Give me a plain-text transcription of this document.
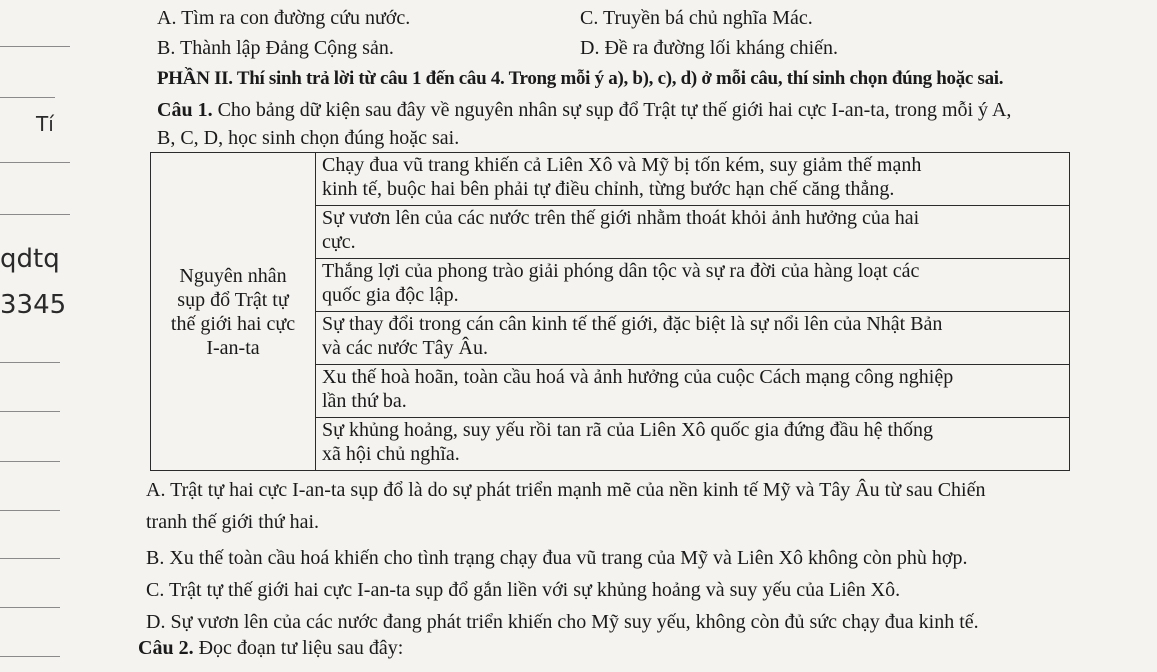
Tí
qdtq
3345
A. Tìm ra con đường cứu nước.	C. Truyền bá chủ nghĩa Mác.
B. Thành lập Đảng Cộng sản.	D. Đề ra đường lối kháng chiến.
PHẦN II. Thí sinh trả lời từ câu 1 đến câu 4. Trong mỗi ý a), b), c), d) ở mỗi câu, thí sinh chọn đúng hoặc sai.
Câu 1. Cho bảng dữ kiện sau đây về nguyên nhân sự sụp đổ Trật tự thế giới hai cực I-an-ta, trong mỗi ý A,
B, C, D, học sinh chọn đúng hoặc sai.
Nguyên nhân
sụp đổ Trật tự
thế giới hai cực
I-an-ta

Chạy đua vũ trang khiến cả Liên Xô và Mỹ bị tốn kém, suy giảm thế mạnh
kinh tế, buộc hai bên phải tự điều chỉnh, từng bước hạn chế căng thẳng.

Sự vươn lên của các nước trên thế giới nhằm thoát khỏi ảnh hưởng của hai
cực.

Thắng lợi của phong trào giải phóng dân tộc và sự ra đời của hàng loạt các
quốc gia độc lập.

Sự thay đổi trong cán cân kinh tế thế giới, đặc biệt là sự nổi lên của Nhật Bản
và các nước Tây Âu.

Xu thế hoà hoãn, toàn cầu hoá và ảnh hưởng của cuộc Cách mạng công nghiệp
lần thứ ba.

Sự khủng hoảng, suy yếu rồi tan rã của Liên Xô quốc gia đứng đầu hệ thống
xã hội chủ nghĩa.
A. Trật tự hai cực I-an-ta sụp đổ là do sự phát triển mạnh mẽ của nền kinh tế Mỹ và Tây Âu từ sau Chiến
tranh thế giới thứ hai.
B. Xu thế toàn cầu hoá khiến cho tình trạng chạy đua vũ trang của Mỹ và Liên Xô không còn phù hợp.
C. Trật tự thế giới hai cực I-an-ta sụp đổ gắn liền với sự khủng hoảng và suy yếu của Liên Xô.
D. Sự vươn lên của các nước đang phát triển khiến cho Mỹ suy yếu, không còn đủ sức chạy đua kinh tế.
Câu 2. Đọc đoạn tư liệu sau đây:
